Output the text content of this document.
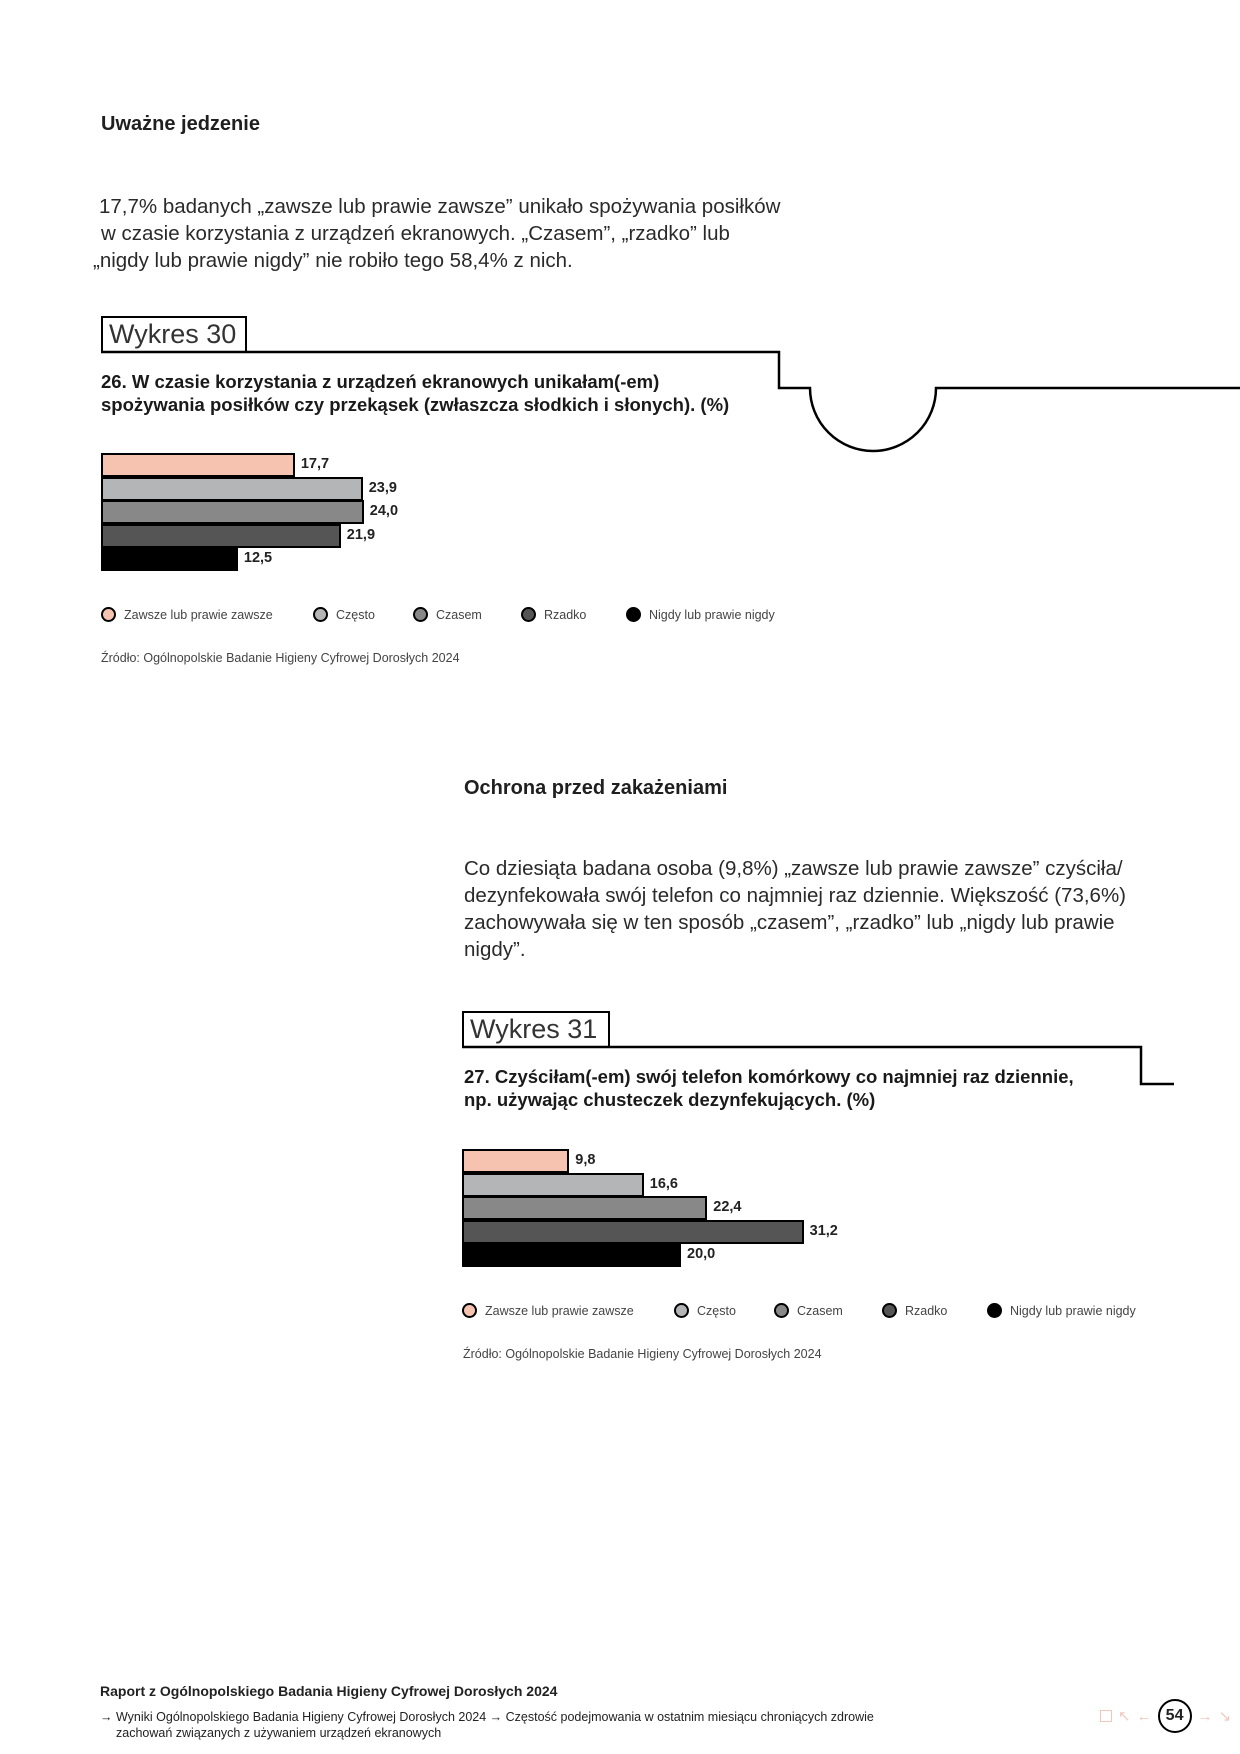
Uważne jedzenie
17,7% badanych „zawsze lub prawie zawsze” unikało spożywania posiłków
w czasie korzystania z urządzeń ekranowych. „Czasem”, „rzadko” lub
„nigdy lub prawie nigdy” nie robiło tego 58,4% z nich.
Wykres 30
26. W czasie korzystania z urządzeń ekranowych unikałam(-em)
spożywania posiłków czy przekąsek (zwłaszcza słodkich i słonych). (%)
17,7
23,9
24,0
21,9
12,5
Zawsze lub prawie zawsze	Często	Czasem	Rzadko	Nigdy lub prawie nigdy
Źródło: Ogólnopolskie Badanie Higieny Cyfrowej Dorosłych 2024
Ochrona przed zakażeniami
Co dziesiąta badana osoba (9,8%) „zawsze lub prawie zawsze” czyściła/
dezynfekowała swój telefon co najmniej raz dziennie. Większość (73,6%)
zachowywała się w ten sposób „czasem”, „rzadko” lub „nigdy lub prawie
nigdy”.
Wykres 31
27. Czyściłam(-em) swój telefon komórkowy co najmniej raz dziennie,
np. używając chusteczek dezynfekujących. (%)
9,8
16,6
22,4
31,2
20,0
Zawsze lub prawie zawsze	Często	Czasem	Rzadko	Nigdy lub prawie nigdy
Źródło: Ogólnopolskie Badanie Higieny Cyfrowej Dorosłych 2024
Raport z Ogólnopolskiego Badania Higieny Cyfrowej Dorosłych 2024
→ Wyniki Ogólnopolskiego Badania Higieny Cyfrowej Dorosłych 2024 → Częstość podejmowania w ostatnim miesiącu chroniących zdrowie
zachowań związanych z używaniem urządzeń ekranowych
↖ ← 54 → ↘
